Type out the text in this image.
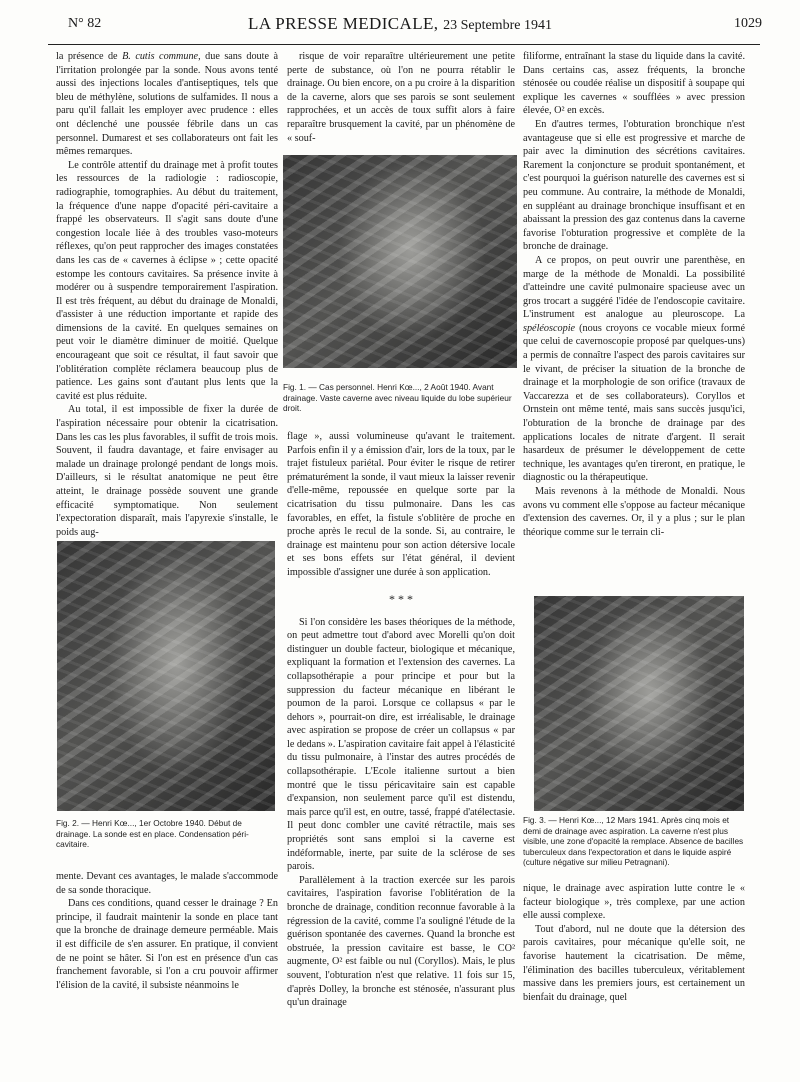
N° 82	LA PRESSE MEDICALE, 23 Septembre 1941	1029

la présence de B. cutis commune, due sans doute à l'irritation prolongée par la sonde. Nous avons tenté aussi des injections locales d'antiseptiques, tels que bleu de méthylène, solutions de sulfamides. Il nous a paru qu'il fallait les employer avec prudence : elles ont déclenché une poussée fébrile dans un cas personnel. Dumarest et ses collaborateurs ont fait les mêmes remarques.

Le contrôle attentif du drainage met à profit toutes les ressources de la radiologie : radioscopie, radiographie, tomographies. Au début du traitement, la fréquence d'une nappe d'opacité péri-cavitaire a frappé les observateurs. Il s'agit sans doute d'une congestion locale liée à des troubles vaso-moteurs réflexes, qu'on peut rapprocher des images constatées dans les cas de « cavernes à éclipse » ; cette opacité estompe les contours cavitaires. Sa présence invite à modérer ou à suspendre temporairement l'aspiration. Il est très fréquent, au début du drainage de Monaldi, d'assister à une réduction importante et rapide des dimensions de la cavité. En quelques semaines on peut voir le diamètre diminuer de moitié. Quelque encourageant que soit ce résultat, il faut savoir que l'oblitération complète réclamera beaucoup plus de patience. Les gains sont d'autant plus lents que la cavité est plus réduite.

Au total, il est impossible de fixer la durée de l'aspiration nécessaire pour obtenir la cicatrisation. Dans les cas les plus favorables, il suffit de trois mois. Souvent, il faudra davantage, et faire envisager au malade un drainage prolongé pendant de longs mois. D'ailleurs, si le résultat anatomique ne peut être atteint, le drainage possède souvent une grande efficacité symptomatique. Non seulement l'expectoration disparaît, mais l'apyrexie s'installe, le poids aug-

Fig. 2. — Henri Kœ..., 1er Octobre 1940. Début de drainage. La sonde est en place. Condensation péri-cavitaire.

mente. Devant ces avantages, le malade s'accommode de sa sonde thoracique.

Dans ces conditions, quand cesser le drainage ? En principe, il faudrait maintenir la sonde en place tant que la bronche de drainage demeure perméable. Mais il est difficile de s'en assurer. En pratique, il convient de ne point se hâter. Si l'on est en présence d'un cas franchement favorable, si l'on a cru pouvoir affirmer l'élision de la cavité, il subsiste néanmoins le

risque de voir reparaître ultérieurement une petite perte de substance, où l'on ne pourra rétablir le drainage. Ou bien encore, on a pu croire à la disparition de la caverne, alors que ses parois se sont seulement rapprochées, et un accès de toux suffit alors à faire reparaître brusquement la cavité, par un phénomène de « souf-

Fig. 1. — Cas personnel. Henri Kœ..., 2 Août 1940. Avant drainage. Vaste caverne avec niveau liquide du lobe supérieur droit.

flage », aussi volumineuse qu'avant le traitement. Parfois enfin il y a émission d'air, lors de la toux, par le trajet fistuleux pariétal. Pour éviter le risque de retirer prématurément la sonde, il vaut mieux la laisser revenir d'elle-même, repoussée en quelque sorte par la cicatrisation du tissu pulmonaire. Dans les cas favorables, en effet, la fistule s'oblitère de proche en proche après le recul de la sonde. Si, au contraire, le drainage est maintenu pour son action détersive locale et ses bons effets sur l'état général, il devient impossible d'assigner une durée à son application.

* * *

Si l'on considère les bases théoriques de la méthode, on peut admettre tout d'abord avec Morelli qu'on doit distinguer un double facteur, biologique et mécanique, expliquant la formation et l'extension des cavernes. La collapsothérapie a pour principe et pour but la suppression du facteur mécanique en libérant le poumon de la paroi. Lorsque ce collapsus « par le dehors », pourrait-on dire, est irréalisable, le drainage avec aspiration se propose de créer un collapsus « par le dedans ». L'aspiration cavitaire fait appel à l'élasticité du tissu pulmonaire, à l'instar des autres procédés de collapsothérapie. L'Ecole italienne surtout a bien montré que le tissu péricavitaire sain est capable d'expansion, non seulement parce qu'il est distendu, mais parce qu'il est, en outre, tassé, frappé d'atélectasie. Il peut donc combler une cavité rétractile, mais ses propriétés sont sans emploi si la caverne est indéformable, inerte, par suite de la sclérose de ses parois.

Parallèlement à la traction exercée sur les parois cavitaires, l'aspiration favorise l'oblitération de la bronche de drainage, condition reconnue favorable à la régression de la cavité, comme l'a souligné l'étude de la guérison spontanée des cavernes. Quand la bronche est obstruée, la pression cavitaire est basse, le CO² augmente, O² est faible ou nul (Coryllos). Mais, le plus souvent, l'obturation n'est que relative. 11 fois sur 15, d'après Dolley, la bronche est sténosée, n'assurant plus qu'un drainage

filiforme, entraînant la stase du liquide dans la cavité. Dans certains cas, assez fréquents, la bronche sténosée ou coudée réalise un dispositif à soupape qui explique les cavernes « soufflées » avec pression élevée, O² en excès.

En d'autres termes, l'obturation bronchique n'est avantageuse que si elle est progressive et marche de pair avec la diminution des sécrétions cavitaires. Rarement la conjoncture se produit spontanément, et c'est pourquoi la guérison naturelle des cavernes est si peu commune. Au contraire, la méthode de Monaldi, en suppléant au drainage bronchique insuffisant et en abaissant la pression des gaz contenus dans la caverne favorise l'obturation progressive et complète de la bronche de drainage.

A ce propos, on peut ouvrir une parenthèse, en marge de la méthode de Monaldi. La possibilité d'atteindre une cavité pulmonaire spacieuse avec un gros trocart a suggéré l'idée de l'endoscopie cavitaire. L'instrument est analogue au pleuroscope. La spéléoscopie (nous croyons ce vocable mieux formé que celui de cavernoscopie proposé par quelques-uns) a permis de connaître l'aspect des parois cavitaires sur le vivant, de préciser la situation de la bronche de drainage et la morphologie de son orifice (travaux de Vaccarezza et de ses collaborateurs). Coryllos et Ornstein ont même tenté, mais sans succès jusqu'ici, l'obturation de la bronche de drainage par des applications locales de nitrate d'argent. Il serait hasardeux de présumer le développement de cette technique, les avantages qu'en tireront, en pratique, le diagnostic ou la thérapeutique.

Mais revenons à la méthode de Monaldi. Nous avons vu comment elle s'oppose au facteur mécanique d'extension des cavernes. Or, il y a plus ; sur le plan théorique comme sur le terrain cli-

Fig. 3. — Henri Kœ..., 12 Mars 1941. Après cinq mois et demi de drainage avec aspiration. La caverne n'est plus visible, une zone d'opacité la remplace. Absence de bacilles tuberculeux dans l'expectoration et dans le liquide aspiré (culture négative sur milieu Petragnani).

nique, le drainage avec aspiration lutte contre le « facteur biologique », très complexe, par une action elle aussi complexe.

Tout d'abord, nul ne doute que la détersion des parois cavitaires, pour mécanique qu'elle soit, ne favorise hautement la cicatrisation. De même, l'élimination des bacilles tuberculeux, véritablement massive dans les premiers jours, est certainement un bienfait du drainage, quel
